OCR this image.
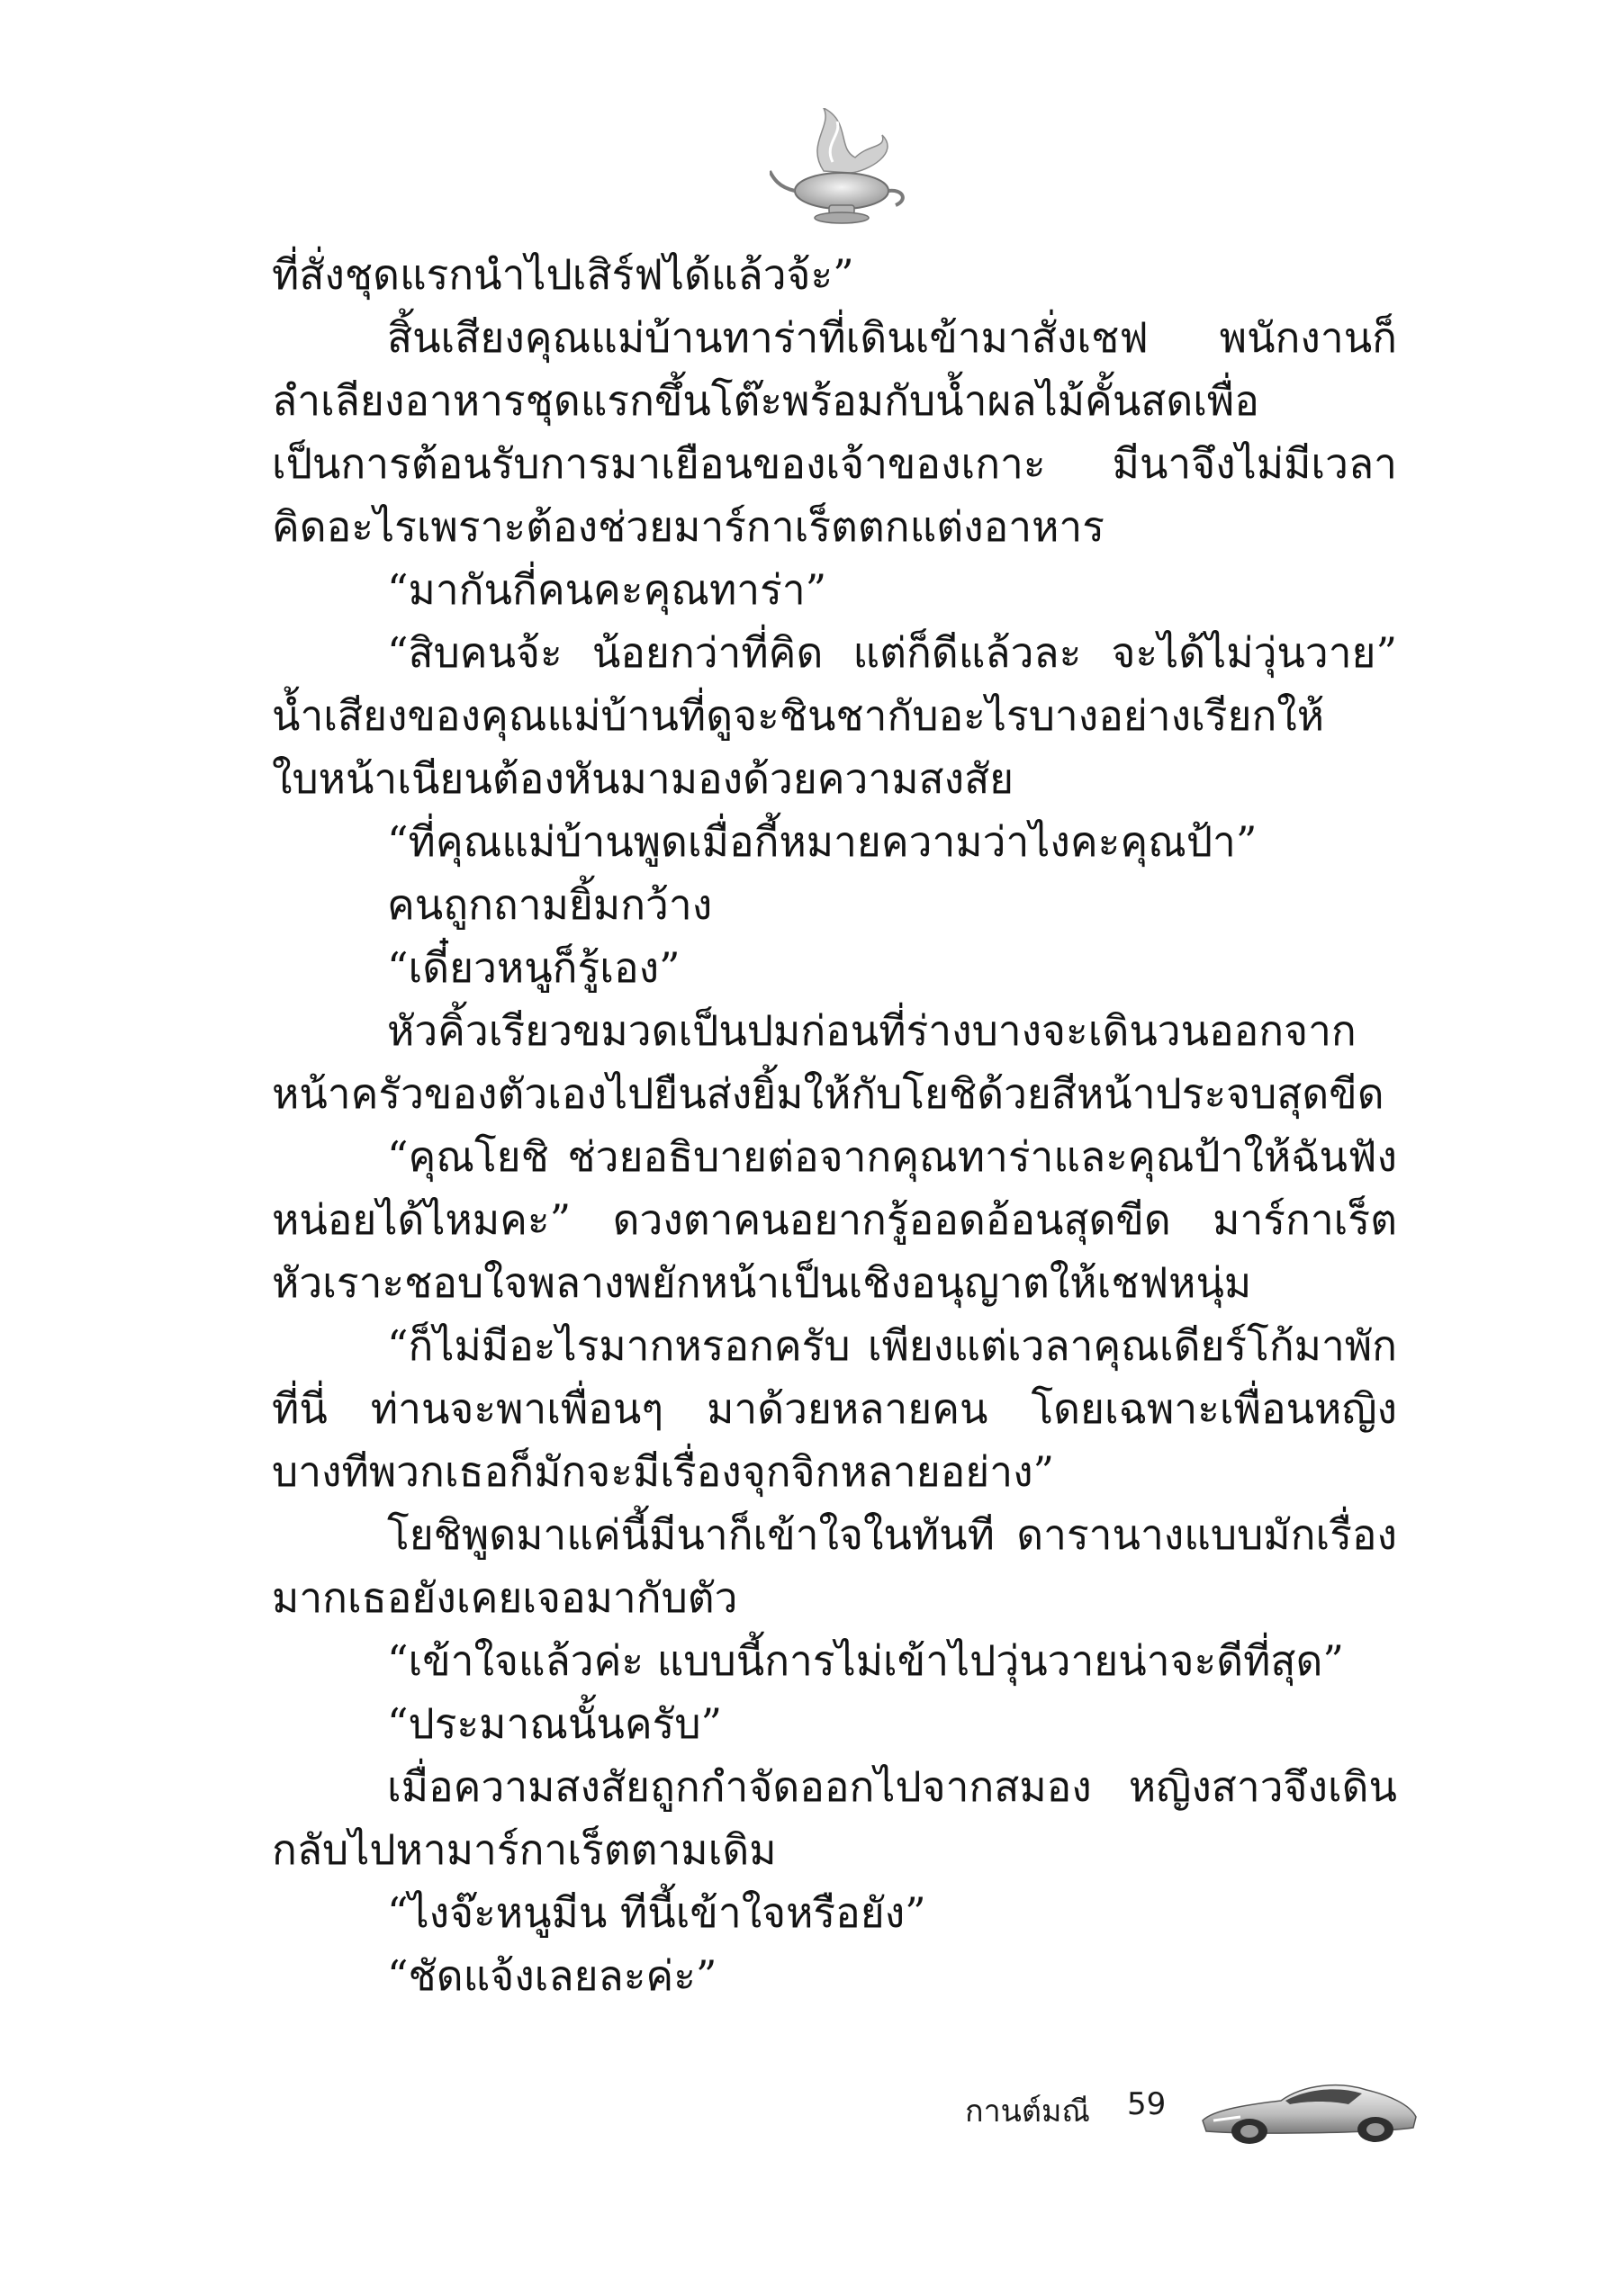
ที่สั่งชุดแรกนำไปเสิร์ฟได้แล้วจ้ะ”

สิ้นเสียงคุณแม่บ้านทาร่าที่เดินเข้ามาสั่งเชฟ พนักงานก็ลำเลียงอาหารชุดแรกขึ้นโต๊ะพร้อมกับน้ำผลไม้คั้นสดเพื่อเป็นการต้อนรับการมาเยือนของเจ้าของเกาะ มีนาจึงไม่มีเวลาคิดอะไรเพราะต้องช่วยมาร์กาเร็ตตกแต่งอาหาร

“มากันกี่คนคะคุณทาร่า”

“สิบคนจ้ะ น้อยกว่าที่คิด แต่ก็ดีแล้วละ จะได้ไม่วุ่นวาย” น้ำเสียงของคุณแม่บ้านที่ดูจะชินชากับอะไรบางอย่างเรียกให้ใบหน้าเนียนต้องหันมามองด้วยความสงสัย

“ที่คุณแม่บ้านพูดเมื่อกี้หมายความว่าไงคะคุณป้า”

คนถูกถามยิ้มกว้าง

“เดี๋ยวหนูก็รู้เอง”

หัวคิ้วเรียวขมวดเป็นปมก่อนที่ร่างบางจะเดินวนออกจากหน้าครัวของตัวเองไปยืนส่งยิ้มให้กับโยชิด้วยสีหน้าประจบสุดขีด

“คุณโยชิ ช่วยอธิบายต่อจากคุณทาร่าและคุณป้าให้ฉันฟังหน่อยได้ไหมคะ” ดวงตาคนอยากรู้ออดอ้อนสุดขีด มาร์กาเร็ตหัวเราะชอบใจพลางพยักหน้าเป็นเชิงอนุญาตให้เชฟหนุ่ม

“ก็ไม่มีอะไรมากหรอกครับ เพียงแต่เวลาคุณเดียร์โก้มาพักที่นี่ ท่านจะพาเพื่อนๆ มาด้วยหลายคน โดยเฉพาะเพื่อนหญิง บางทีพวกเธอก็มักจะมีเรื่องจุกจิกหลายอย่าง”

โยชิพูดมาแค่นี้มีนาก็เข้าใจในทันที ดารานางแบบมักเรื่องมากเธอยังเคยเจอมากับตัว

“เข้าใจแล้วค่ะ แบบนี้การไม่เข้าไปวุ่นวายน่าจะดีที่สุด”

“ประมาณนั้นครับ”

เมื่อความสงสัยถูกกำจัดออกไปจากสมอง หญิงสาวจึงเดินกลับไปหามาร์กาเร็ตตามเดิม

“ไงจ๊ะหนูมีน ทีนี้เข้าใจหรือยัง”

“ชัดแจ้งเลยละค่ะ”

กานต์มณี 59
